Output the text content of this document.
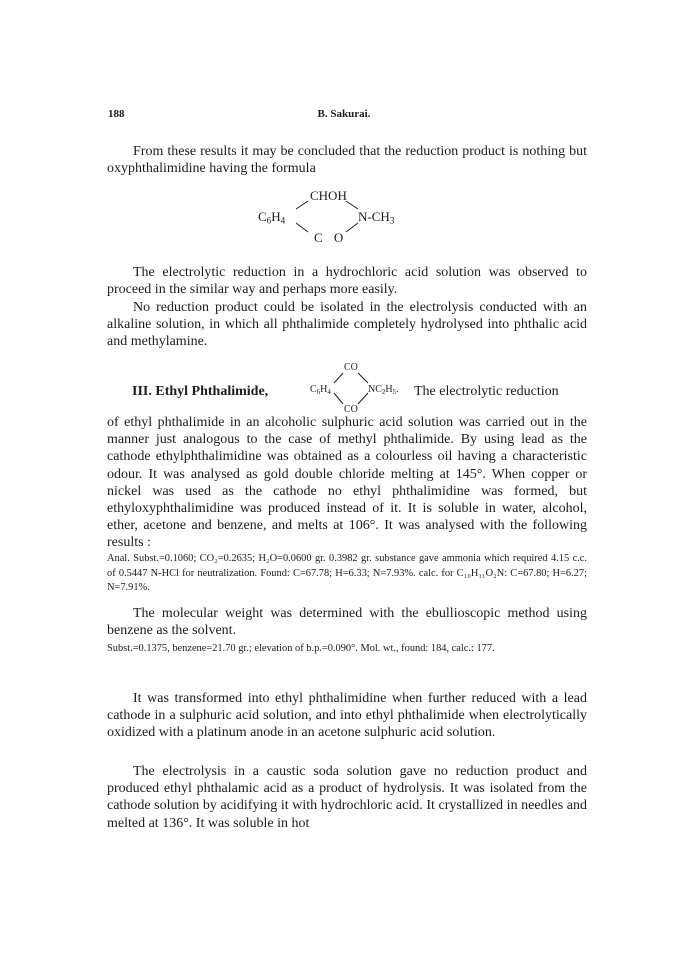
188	B. Sakurai.

From these results it may be concluded that the reduction product is nothing but oxyphthalimidine having the formula

CHOH
$C_6H_4$	$N-CH_3$
C O

The electrolytic reduction in a hydrochloric acid solution was observed to proceed in the similar way and perhaps more easily.

No reduction product could be isolated in the electrolysis conducted with an alkaline solution, in which all phthalimide completely hydrolysed into phthalic acid and methylamine.

III. Ethyl Phthalimide,
CO
$C_6H_4$	$NC_2H_5$.
CO
The electrolytic reduction

of ethyl phthalimide in an alcoholic sulphuric acid solution was carried out in the manner just analogous to the case of methyl phthalimide. By using lead as the cathode ethylphthalimidine was obtained as a colourless oil having a characteristic odour. It was analysed as gold double chloride melting at 145°. When copper or nickel was used as the cathode no ethyl phthalimidine was formed, but ethyloxyphthalimidine was produced instead of it. It is soluble in water, alcohol, ether, acetone and benzene, and melts at 106°. It was analysed with the following results :

Anal. Subst.=0.1060; CO₂=0.2635; H₂O=0.0600 gr. 0.3982 gr. substance gave ammonia which required 4.15 c.c. of 0.5447 N-HCl for neutralization. Found: C=67.78; H=6.33; N=7.93%. calc. for C₁₀H₁₁O₂N: C=67.80; H=6.27; N=7.91%.

The molecular weight was determined with the ebullioscopic method using benzene as the solvent.

Subst.=0.1375, benzene=21.70 gr.; elevation of b.p.=0.090°. Mol. wt., found: 184, calc.: 177.

It was transformed into ethyl phthalimidine when further reduced with a lead cathode in a sulphuric acid solution, and into ethyl phthalimide when electrolytically oxidized with a platinum anode in an acetone sulphuric acid solution.

The electrolysis in a caustic soda solution gave no reduction product and produced ethyl phthalamic acid as a product of hydrolysis. It was isolated from the cathode solution by acidifying it with hydrochloric acid. It crystallized in needles and melted at 136°. It was soluble in hot
